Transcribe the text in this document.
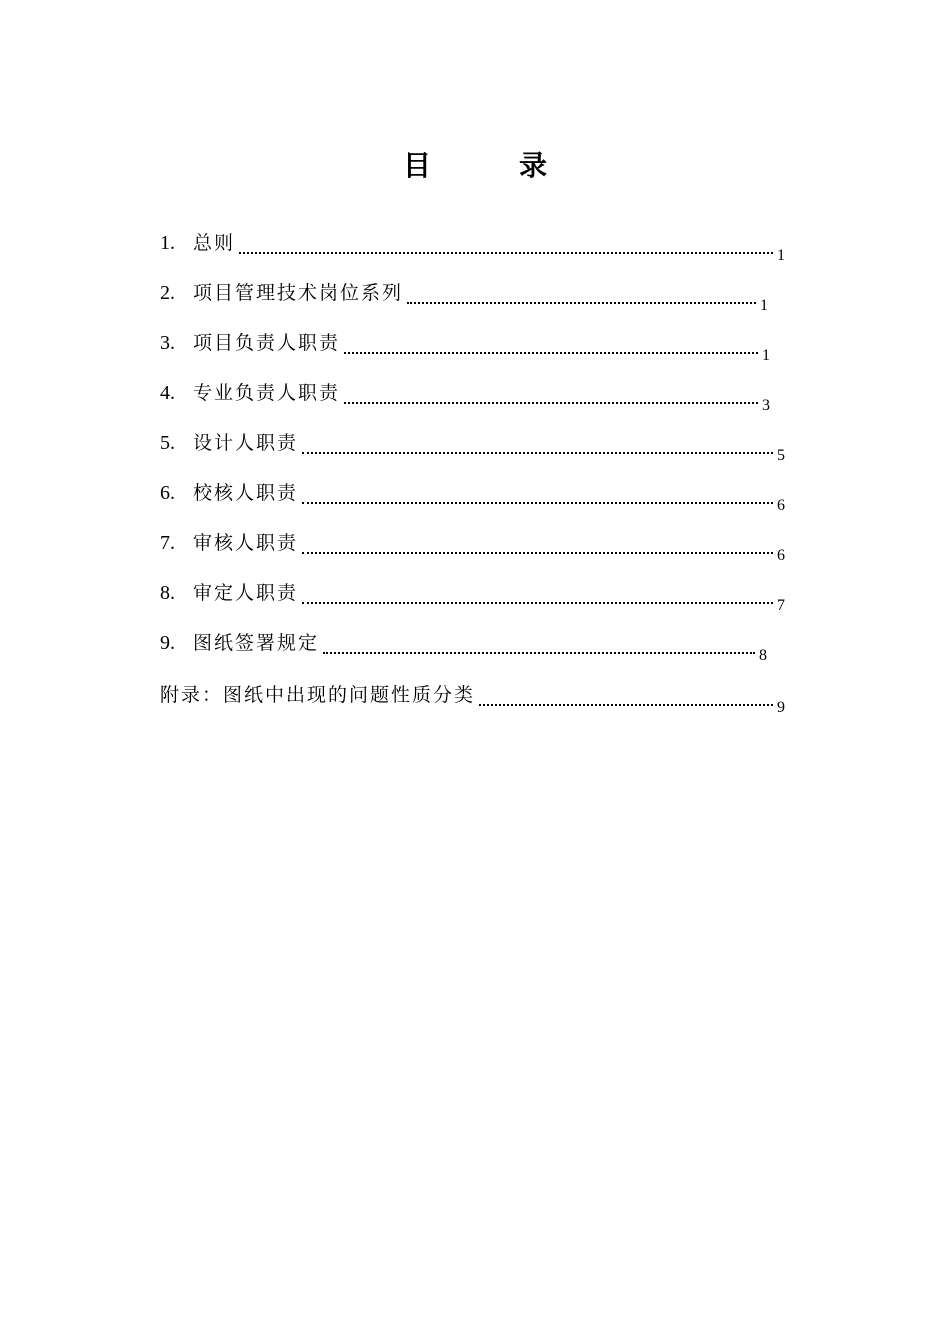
目　录
1. 总则
1
2. 项目管理技术岗位系列
1
3. 项目负责人职责
1
4. 专业负责人职责
3
5. 设计人职责
5
6. 校核人职责
6
7. 审核人职责
6
8. 审定人职责
7
9. 图纸签署规定
8
附录：图纸中出现的问题性质分类
9
